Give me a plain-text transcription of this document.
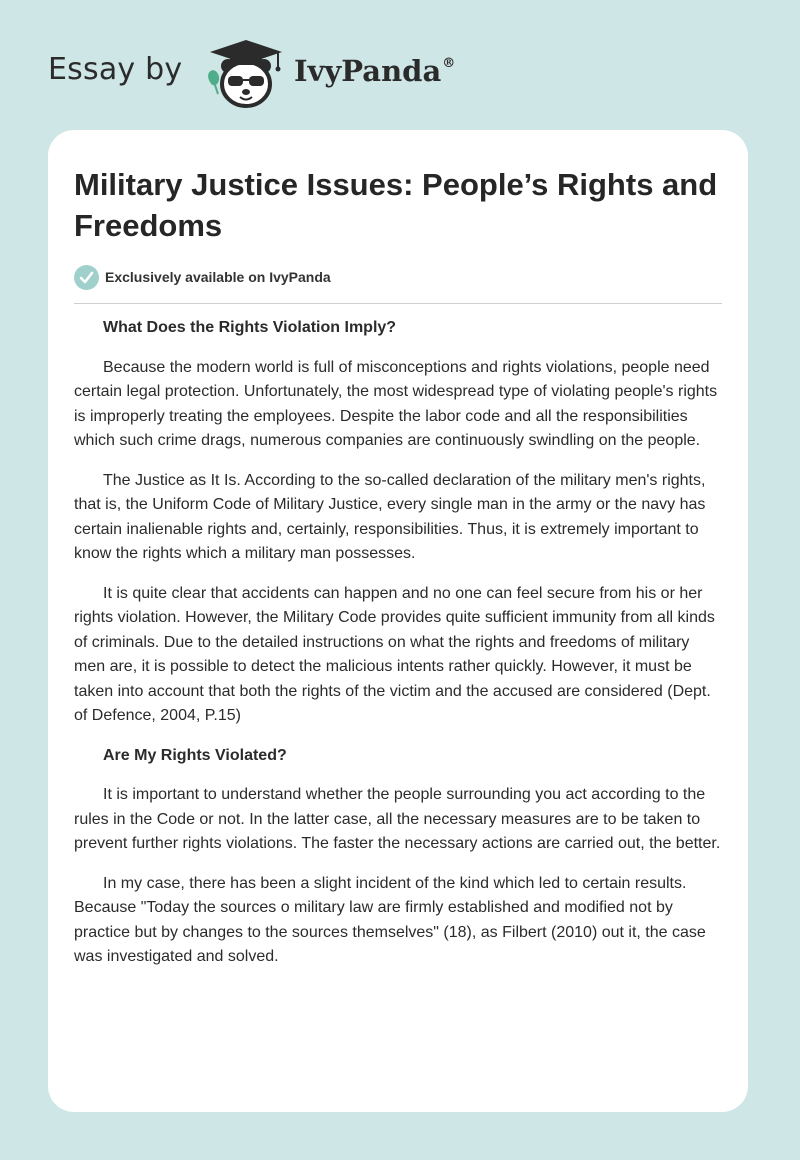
Essay by	IvyPanda®
Military Justice Issues: People’s Rights and Freedoms
Exclusively available on IvyPanda
What Does the Rights Violation Imply?

Because the modern world is full of misconceptions and rights violations, people need certain legal protection. Unfortunately, the most widespread type of violating people's rights is improperly treating the employees. Despite the labor code and all the responsibilities which such crime drags, numerous companies are continuously swindling on the people.

The Justice as It Is. According to the so-called declaration of the military men's rights, that is, the Uniform Code of Military Justice, every single man in the army or the navy has certain inalienable rights and, certainly, responsibilities. Thus, it is extremely important to know the rights which a military man possesses.

It is quite clear that accidents can happen and no one can feel secure from his or her rights violation. However, the Military Code provides quite sufficient immunity from all kinds of criminals. Due to the detailed instructions on what the rights and freedoms of military men are, it is possible to detect the malicious intents rather quickly. However, it must be taken into account that both the rights of the victim and the accused are considered (Dept. of Defence, 2004, P.15)

Are My Rights Violated?

It is important to understand whether the people surrounding you act according to the rules in the Code or not. In the latter case, all the necessary measures are to be taken to prevent further rights violations. The faster the necessary actions are carried out, the better.

In my case, there has been a slight incident of the kind which led to certain results. Because "Today the sources o military law are firmly established and modified not by practice but by changes to the sources themselves" (18), as Filbert (2010) out it, the case was investigated and solved.
